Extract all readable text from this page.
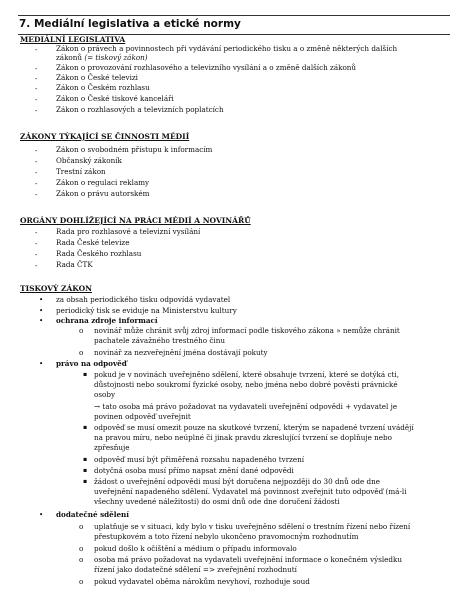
7. Mediální legislativa a etické normy
MEDIÁLNÍ LEGISLATIVA
-	Zákon o právech a povinnostech při vydávání periodického tisku a o změně některých dalších
zákonů (= tiskový zákon)
-	Zákon o provozování rozhlasového a televizního vysílání a o změně dalších zákonů
-	Zákon o České televizi
-	Zákon o Českém rozhlasu
-	Zákon o České tiskové kanceláři
-	Zákon o rozhlasových a televizních poplatcích
ZÁKONY TÝKAJÍCÍ SE ČINNOSTI MÉDIÍ
-	Zákon o svobodném přístupu k informacím
-	Občanský zákoník
-	Trestní zákon
-	Zákon o regulaci reklamy
-	Zákon o právu autorském
ORGÁNY DOHLÍŽEJÍCÍ NA PRÁCI MÉDIÍ A NOVINÁŘŮ
-	Rada pro rozhlasové a televizní vysílání
-	Rada České televize
-	Rada Českého rozhlasu
-	Rada ČTK
TISKOVÝ ZÁKON
• za obsah periodického tisku odpovídá vydavatel
• periodický tisk se eviduje na Ministerstvu kultury
• ochrana zdroje informací
o novinář může chránit svůj zdroj informací podle tiskového zákona » nemůže chránit
pachatele závažného trestného činu
o novinář za nezveřejnění jména dostávají pokuty
• právo na odpověď
▪ pokud je v novinách uveřejněno sdělení, které obsahuje tvrzení, které se dotýká cti,
důstojnosti nebo soukromí fyzické osoby, nebo jména nebo dobré pověsti právnické
osoby
→ tato osoba má právo požadovat na vydavateli uveřejnění odpovědi + vydavatel je
povinen odpověď uveřejnit
▪ odpověď se musí omezit pouze na skutkové tvrzení, kterým se napadené tvrzení uvádějí
na pravou míru, nebo neúplné či jinak pravdu zkreslující tvrzení se doplňuje nebo
zpřesňuje
▪ odpověď musí být přiměřená rozsahu napadeného tvrzení
▪ dotyčná osoba musí přímo napsat znění dané odpovědi
▪ žádost o uveřejnění odpovědi musí být doručena nejpozději do 30 dnů ode dne
uveřejnění napadeného sdělení. Vydavatel má povinnost zveřejnit tuto odpověď (má-li
všechny uvedené náležitosti) do osmi dnů ode dne doručení žádosti
• dodatečné sdělení
o uplatňuje se v situaci, kdy bylo v tisku uveřejněno sdělení o trestním řízení nebo řízení
přestupkovém a toto řízení nebylo ukončeno pravomocným rozhodnutím
o pokud došlo k očištění a médium o případu informovalo
o osoba má právo požadovat na vydavateli uveřejnění informace o konečném výsledku
řízení jako dodatečné sdělení => zveřejnění rozhodnutí
o pokud vydavatel oběma nárokům nevyhoví, rozhoduje soud
